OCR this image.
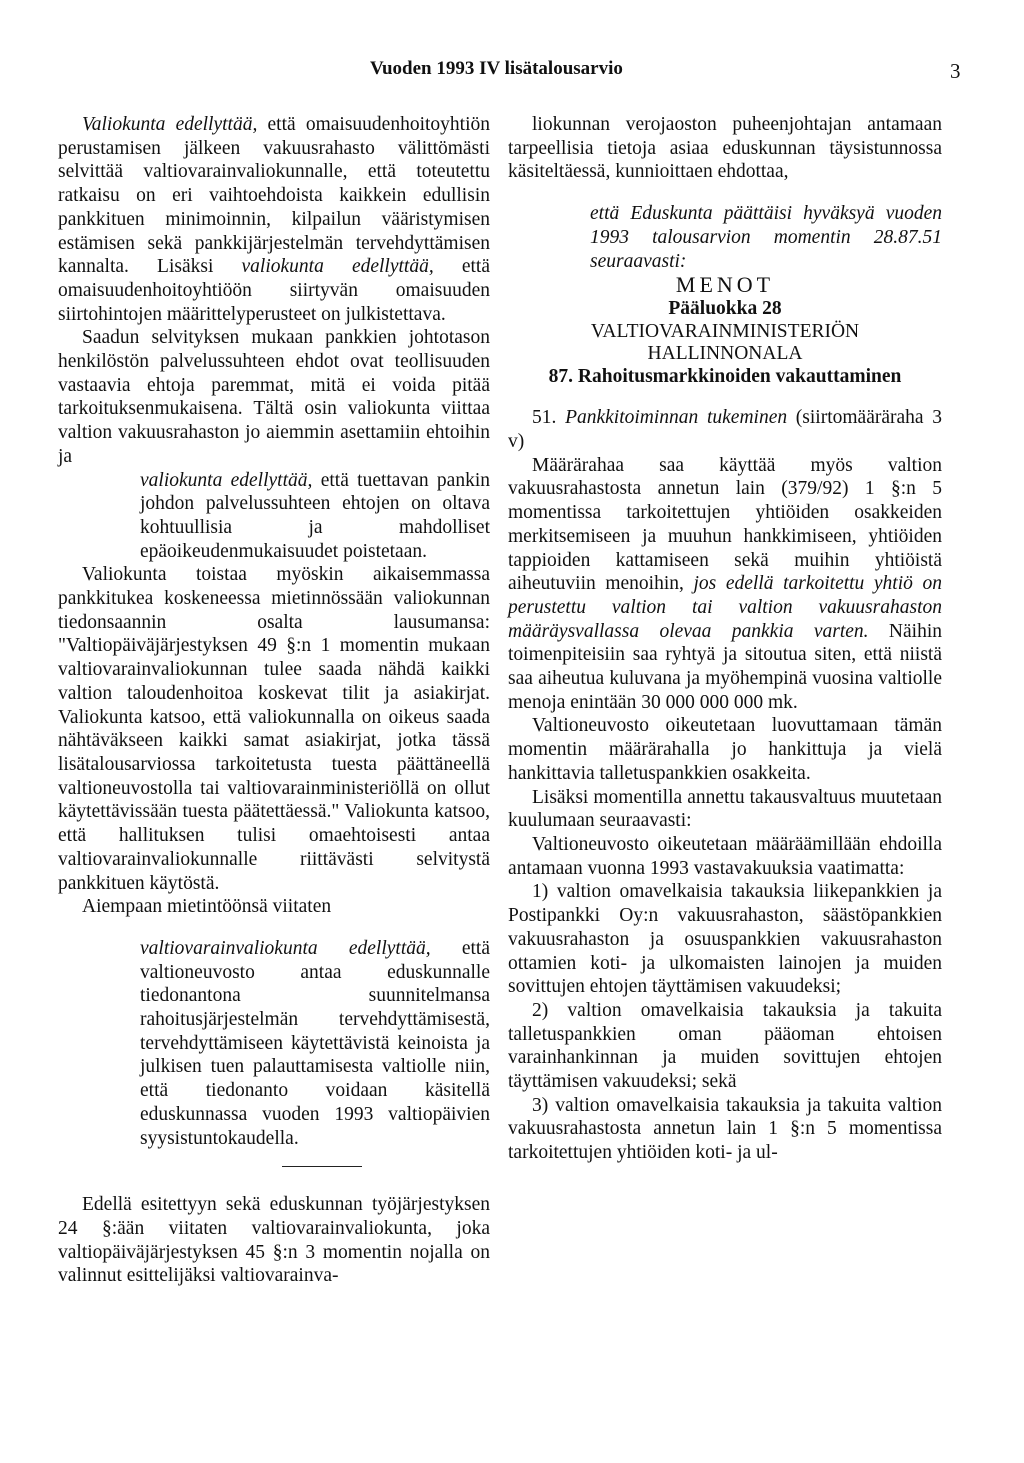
Vuoden 1993 IV lisätalousarvio	3

Valiokunta edellyttää, että omaisuudenhoitoyhtiön perustamisen jälkeen vakuusrahasto välittömästi selvittää valtiovarainvaliokunnalle, että toteutettu ratkaisu on eri vaihtoehdoista kaikkein edullisin pankkituen minimoinnin, kilpailun vääristymisen estämisen sekä pankkijärjestelmän tervehdyttämisen kannalta. Lisäksi valiokunta edellyttää, että omaisuudenhoitoyhtiöön siirtyvän omaisuuden siirtohintojen määrittelyperusteet on julkistettava.

Saadun selvityksen mukaan pankkien johtotason henkilöstön palvelussuhteen ehdot ovat teollisuuden vastaavia ehtoja paremmat, mitä ei voida pitää tarkoituksenmukaisena. Tältä osin valiokunta viittaa valtion vakuusrahaston jo aiemmin asettamiin ehtoihin ja

valiokunta edellyttää, että tuettavan pankin johdon palvelussuhteen ehtojen on oltava kohtuullisia ja mahdolliset epäoikeudenmukaisuudet poistetaan.

Valiokunta toistaa myöskin aikaisemmassa pankkitukea koskeneessa mietinnössään valiokunnan tiedonsaannin osalta lausumansa: "Valtiopäiväjärjestyksen 49 §:n 1 momentin mukaan valtiovarainvaliokunnan tulee saada nähdä kaikki valtion taloudenhoitoa koskevat tilit ja asiakirjat. Valiokunta katsoo, että valiokunnalla on oikeus saada nähtäväkseen kaikki samat asiakirjat, jotka tässä lisätalousarviossa tarkoitetusta tuesta päättäneellä valtioneuvostolla tai valtiovarainministeriöllä on ollut käytettävissään tuesta päätettäessä." Valiokunta katsoo, että hallituksen tulisi omaehtoisesti antaa valtiovarainvaliokunnalle riittävästi selvitystä pankkituen käytöstä.

Aiempaan mietintöönsä viitaten

valtiovarainvaliokunta edellyttää, että valtioneuvosto antaa eduskunnalle tiedonantona suunnitelmansa rahoitusjärjestelmän tervehdyttämisestä, tervehdyttämiseen käytettävistä keinoista ja julkisen tuen palauttamisesta valtiolle niin, että tiedonanto voidaan käsitellä eduskunnassa vuoden 1993 valtiopäivien syysistuntokaudella.

Edellä esitettyyn sekä eduskunnan työjärjestyksen 24 §:ään viitaten valtiovarainvaliokunta, joka valtiopäiväjärjestyksen 45 §:n 3 momentin nojalla on valinnut esittelijäksi valtiovarainva-

liokunnan verojaoston puheenjohtajan antamaan tarpeellisia tietoja asiaa eduskunnan täysistunnossa käsiteltäessä, kunnioittaen ehdottaa,

että Eduskunta päättäisi hyväksyä vuoden 1993 talousarvion momentin 28.87.51 seuraavasti:

MENOT

Pääluokka 28

VALTIOVARAINMINISTERIÖN

HALLINNONALA

87. Rahoitusmarkkinoiden vakauttaminen

51. Pankkitoiminnan tukeminen (siirtomääräraha 3 v)

Määrärahaa saa käyttää myös valtion vakuusrahastosta annetun lain (379/92) 1 §:n 5 momentissa tarkoitettujen yhtiöiden osakkeiden merkitsemiseen ja muuhun hankkimiseen, yhtiöiden tappioiden kattamiseen sekä muihin yhtiöistä aiheutuviin menoihin, jos edellä tarkoitettu yhtiö on perustettu valtion tai valtion vakuusrahaston määräysvallassa olevaa pankkia varten. Näihin toimenpiteisiin saa ryhtyä ja sitoutua siten, että niistä saa aiheutua kuluvana ja myöhempinä vuosina valtiolle menoja enintään 30 000 000 000 mk.

Valtioneuvosto oikeutetaan luovuttamaan tämän momentin määrärahalla jo hankittuja ja vielä hankittavia talletuspankkien osakkeita.

Lisäksi momentilla annettu takausvaltuus muutetaan kuulumaan seuraavasti:

Valtioneuvosto oikeutetaan määräämillään ehdoilla antamaan vuonna 1993 vastavakuuksia vaatimatta:

1) valtion omavelkaisia takauksia liikepankkien ja Postipankki Oy:n vakuusrahaston, säästöpankkien vakuusrahaston ja osuuspankkien vakuusrahaston ottamien koti- ja ulkomaisten lainojen ja muiden sovittujen ehtojen täyttämisen vakuudeksi;

2) valtion omavelkaisia takauksia ja takuita talletuspankkien oman pääoman ehtoisen varainhankinnan ja muiden sovittujen ehtojen täyttämisen vakuudeksi; sekä

3) valtion omavelkaisia takauksia ja takuita valtion vakuusrahastosta annetun lain 1 §:n 5 momentissa tarkoitettujen yhtiöiden koti- ja ul-
